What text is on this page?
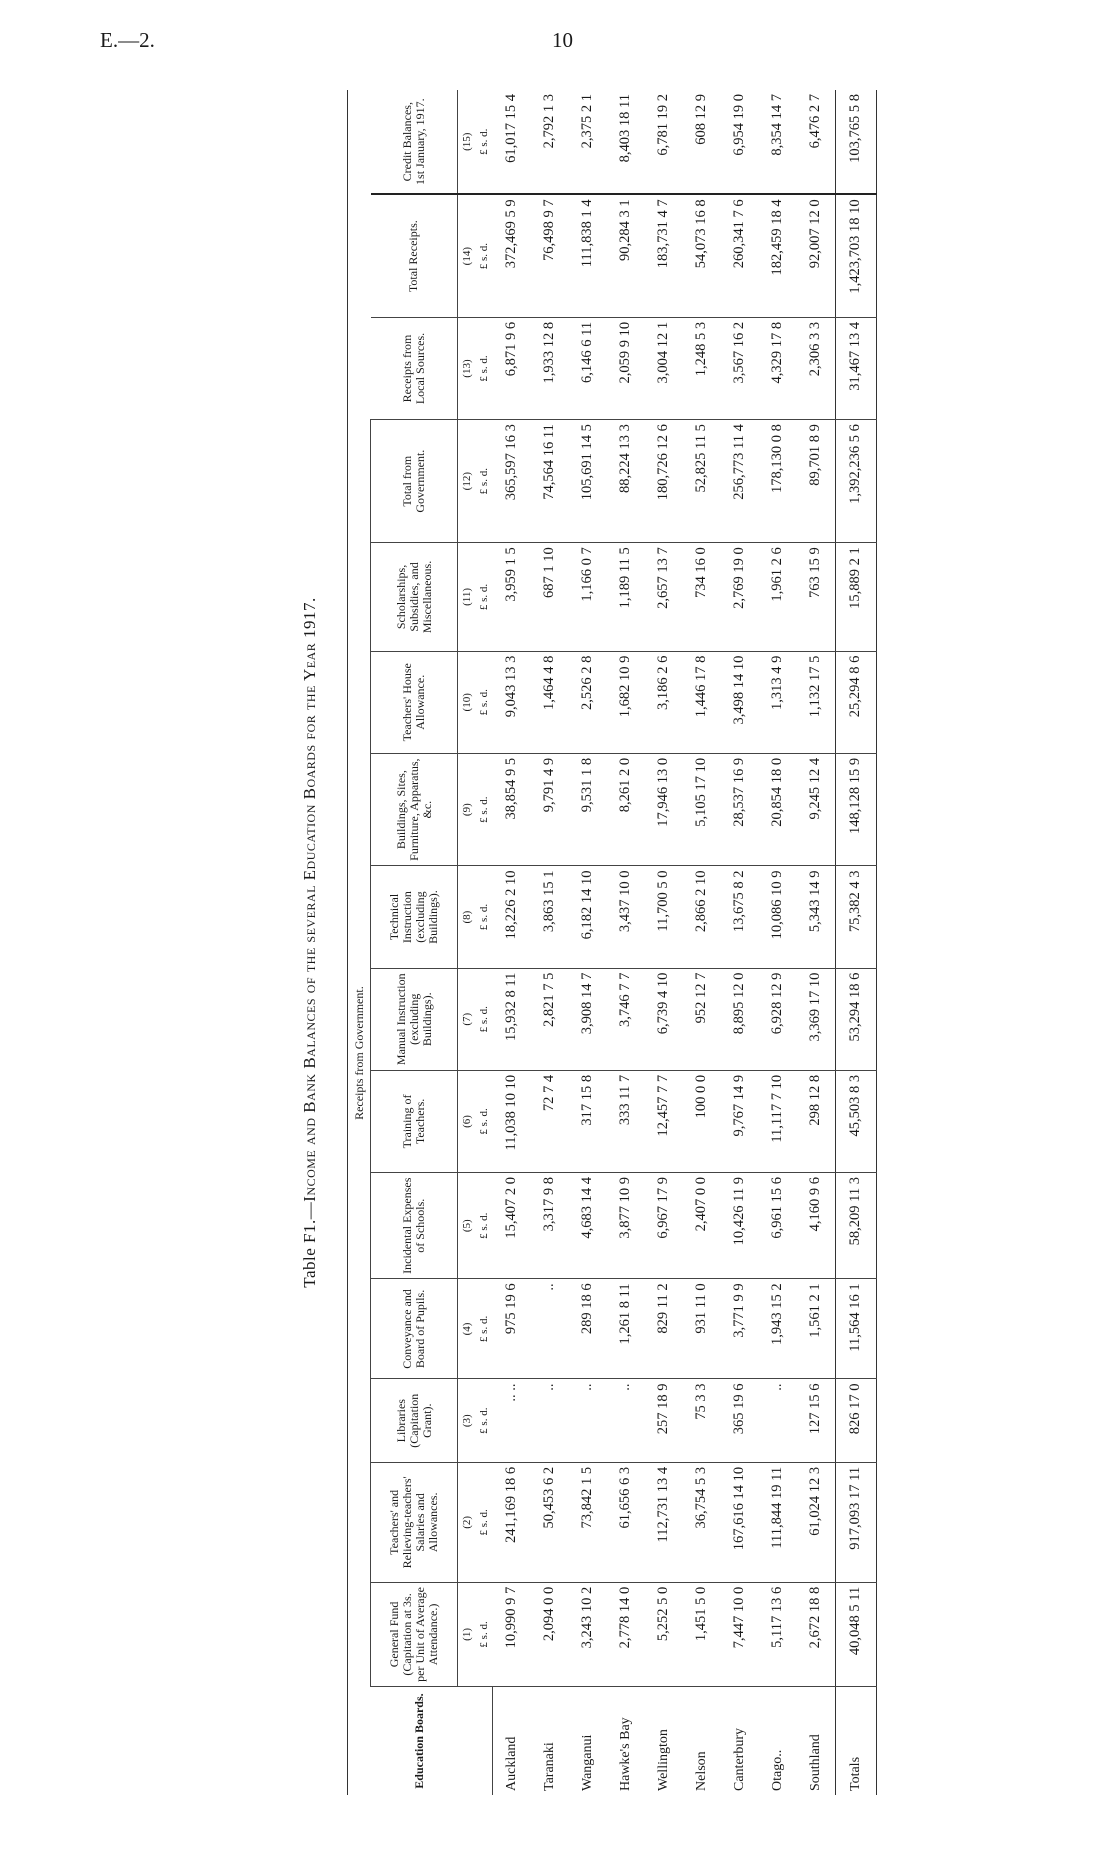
E.—2.	10
Table F1.—Income and Bank Balances of the several Education Boards for the Year 1917.
Education Boards.	Receipts from Government.														
	General Fund (Capitation at 3s. per Unit of Average Attendance.)	Teachers' and Relieving-teachers' Salaries and Allowances.	Libraries (Capitation Grant).	Conveyance and Board of Pupils.	Incidental Expenses of Schools.	Training of Teachers.	Manual Instruction (excluding Buildings).	Technical Instruction (excluding Buildings).	Buildings, Sites, Furniture, Apparatus, &c.	Teachers' House Allowance.	Scholarships, Subsidies, and Miscellaneous.	Total from Government.	Receipts from Local Sources.	Total Receipts.	Credit Balances, 1st January, 1917.
	(1)	(2)	(3)	(4)	(5)	(6)	(7)	(8)	(9)	(10)	(11)	(12)	(13)	(14)	(15)
	£ s. d.	£ s. d.	£ s. d.	£ s. d.	£ s. d.	£ s. d.	£ s. d.	£ s. d.	£ s. d.	£ s. d.	£ s. d.	£ s. d.	£ s. d.	£ s. d.	£ s. d.
Auckland	10,990 9 7	241,169 18 6	.. ..	975 19 6	15,407 2 0	11,038 10 10	15,932 8 11	18,226 2 10	38,854 9 5	9,043 13 3	3,959 1 5	365,597 16 3	6,871 9 6	372,469 5 9	61,017 15 4
Taranaki	2,094 0 0	50,453 6 2	..	..	3,317 9 8	72 7 4	2,821 7 5	3,863 15 1	9,791 4 9	1,464 4 8	687 1 10	74,564 16 11	1,933 12 8	76,498 9 7	2,792 1 3
Wanganui	3,243 10 2	73,842 1 5	..	289 18 6	4,683 14 4	317 15 8	3,908 14 7	6,182 14 10	9,531 1 8	2,526 2 8	1,166 0 7	105,691 14 5	6,146 6 11	111,838 1 4	2,375 2 1
Hawke's Bay	2,778 14 0	61,656 6 3	..	1,261 8 11	3,877 10 9	333 11 7	3,746 7 7	3,437 10 0	8,261 2 0	1,682 10 9	1,189 11 5	88,224 13 3	2,059 9 10	90,284 3 1	8,403 18 11
Wellington	5,252 5 0	112,731 13 4	257 18 9	829 11 2	6,967 17 9	12,457 7 7	6,739 4 10	11,700 5 0	17,946 13 0	3,186 2 6	2,657 13 7	180,726 12 6	3,004 12 1	183,731 4 7	6,781 19 2
Nelson	1,451 5 0	36,754 5 3	75 3 3	931 11 0	2,407 0 0	100 0 0	952 12 7	2,866 2 10	5,105 17 10	1,446 17 8	734 16 0	52,825 11 5	1,248 5 3	54,073 16 8	608 12 9
Canterbury	7,447 10 0	167,616 14 10	365 19 6	3,771 9 9	10,426 11 9	9,767 14 9	8,895 12 0	13,675 8 2	28,537 16 9	3,498 14 10	2,769 19 0	256,773 11 4	3,567 16 2	260,341 7 6	6,954 19 0
Otago..	5,117 13 6	111,844 19 11	..	1,943 15 2	6,961 15 6	11,117 7 10	6,928 12 9	10,086 10 9	20,854 18 0	1,313 4 9	1,961 2 6	178,130 0 8	4,329 17 8	182,459 18 4	8,354 14 7
Southland	2,672 18 8	61,024 12 3	127 15 6	1,561 2 1	4,160 9 6	298 12 8	3,369 17 10	5,343 14 9	9,245 12 4	1,132 17 5	763 15 9	89,701 8 9	2,306 3 3	92,007 12 0	6,476 2 7
Totals	40,048 5 11	917,093 17 11	826 17 0	11,564 16 1	58,209 11 3	45,503 8 3	53,294 18 6	75,382 4 3	148,128 15 9	25,294 8 6	15,889 2 1	1,392,236 5 6	31,467 13 4	1,423,703 18 10	103,765 5 8
